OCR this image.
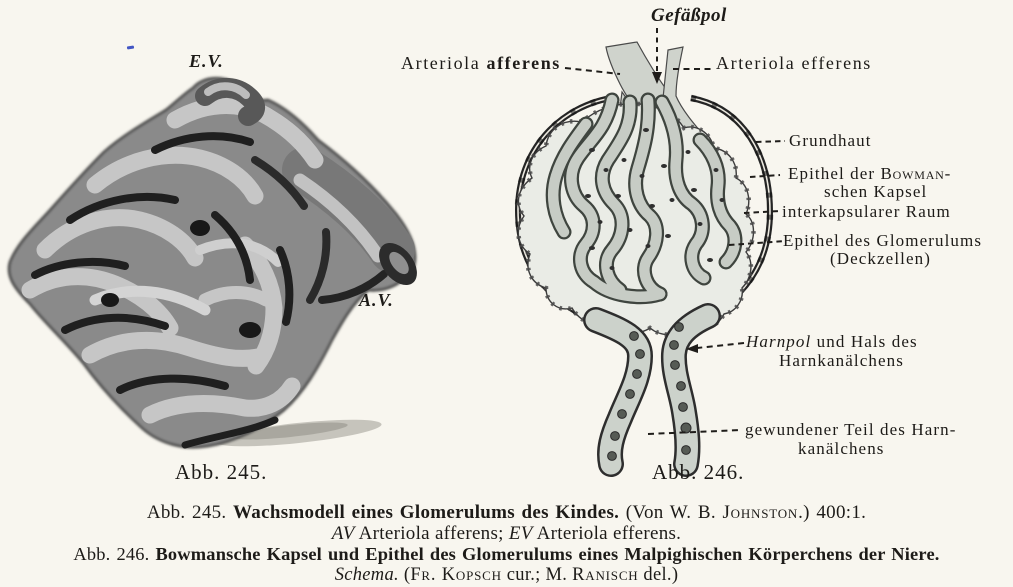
Gefäßpol
Arteriola afferens	Arteriola efferens
E.V.
A.V.
Grundhaut
Epithel der Bowman-
schen Kapsel
interkapsularer Raum
Epithel des Glomerulums
(Deckzellen)
Harnpol und Hals des
Harnkanälchens
gewundener Teil des Harn-
kanälchens
Abb. 245.	Abb. 246.
Abb. 245. Wachsmodell eines Glomerulums des Kindes. (Von W. B. Johnston.) 400:1.
AV Arteriola afferens; EV Arteriola efferens.
Abb. 246. Bowmansche Kapsel und Epithel des Glomerulums eines Malpighischen Körperchens der Niere.
Schema. (Fr. Kopsch cur.; M. Ranisch del.)
